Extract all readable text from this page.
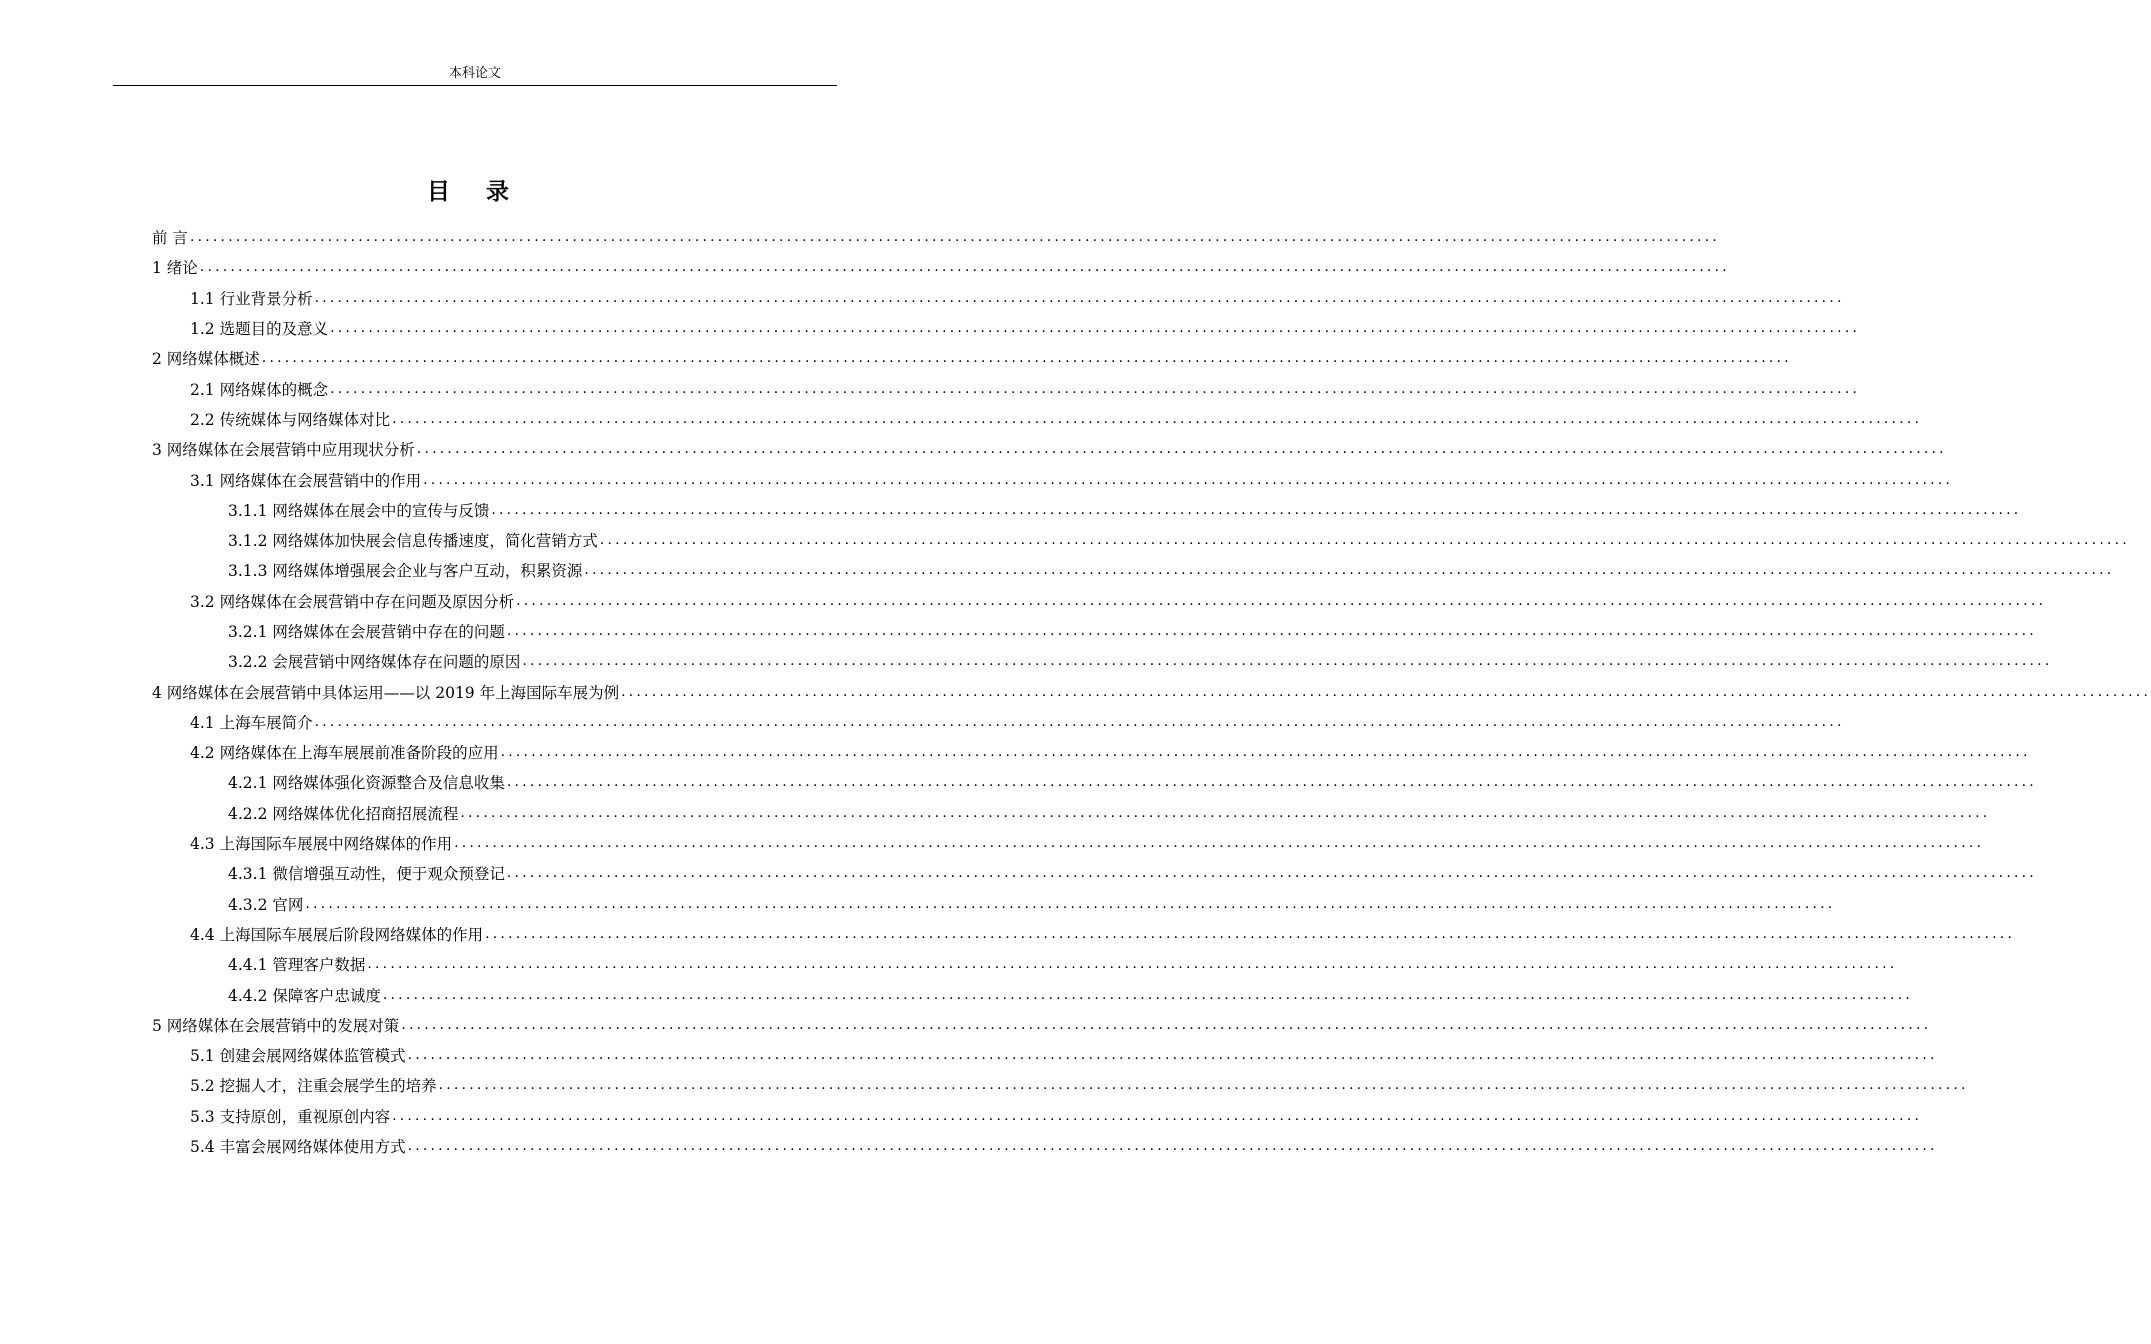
本科论文
目 录
前 言 ........................................................................................................................................................................................................
1 绪论 ........................................................................................................................................................................................................
1.1 行业背景分析 ........................................................................................................................................................................................................
1.2 选题目的及意义 ........................................................................................................................................................................................................
2 网络媒体概述 ........................................................................................................................................................................................................
2.1 网络媒体的概念 ........................................................................................................................................................................................................
2.2 传统媒体与网络媒体对比 ........................................................................................................................................................................................................
3 网络媒体在会展营销中应用现状分析 ........................................................................................................................................................................................................
3.1 网络媒体在会展营销中的作用 ........................................................................................................................................................................................................
3.1.1 网络媒体在展会中的宣传与反馈 ........................................................................................................................................................................................................
3.1.2 网络媒体加快展会信息传播速度，简化营销方式 ........................................................................................................................................................................................................
3.1.3 网络媒体增强展会企业与客户互动，积累资源 ........................................................................................................................................................................................................
3.2 网络媒体在会展营销中存在问题及原因分析 ........................................................................................................................................................................................................
3.2.1 网络媒体在会展营销中存在的问题 ........................................................................................................................................................................................................
3.2.2 会展营销中网络媒体存在问题的原因 ........................................................................................................................................................................................................
4 网络媒体在会展营销中具体运用——以 2019 年上海国际车展为例 ........................................................................................................................................................................................................
4.1 上海车展简介 ........................................................................................................................................................................................................
4.2 网络媒体在上海车展展前准备阶段的应用 ........................................................................................................................................................................................................
4.2.1 网络媒体强化资源整合及信息收集 ........................................................................................................................................................................................................
4.2.2 网络媒体优化招商招展流程 ........................................................................................................................................................................................................
4.3 上海国际车展展中网络媒体的作用 ........................................................................................................................................................................................................
4.3.1 微信增强互动性，便于观众预登记 ........................................................................................................................................................................................................
4.3.2 官网 ........................................................................................................................................................................................................
4.4 上海国际车展展后阶段网络媒体的作用 ........................................................................................................................................................................................................
4.4.1 管理客户数据 ........................................................................................................................................................................................................
4.4.2 保障客户忠诚度 ........................................................................................................................................................................................................
5 网络媒体在会展营销中的发展对策 ........................................................................................................................................................................................................
5.1 创建会展网络媒体监管模式 ........................................................................................................................................................................................................
5.2 挖掘人才，注重会展学生的培养 ........................................................................................................................................................................................................
5.3 支持原创，重视原创内容 ........................................................................................................................................................................................................
5.4 丰富会展网络媒体使用方式 ........................................................................................................................................................................................................
